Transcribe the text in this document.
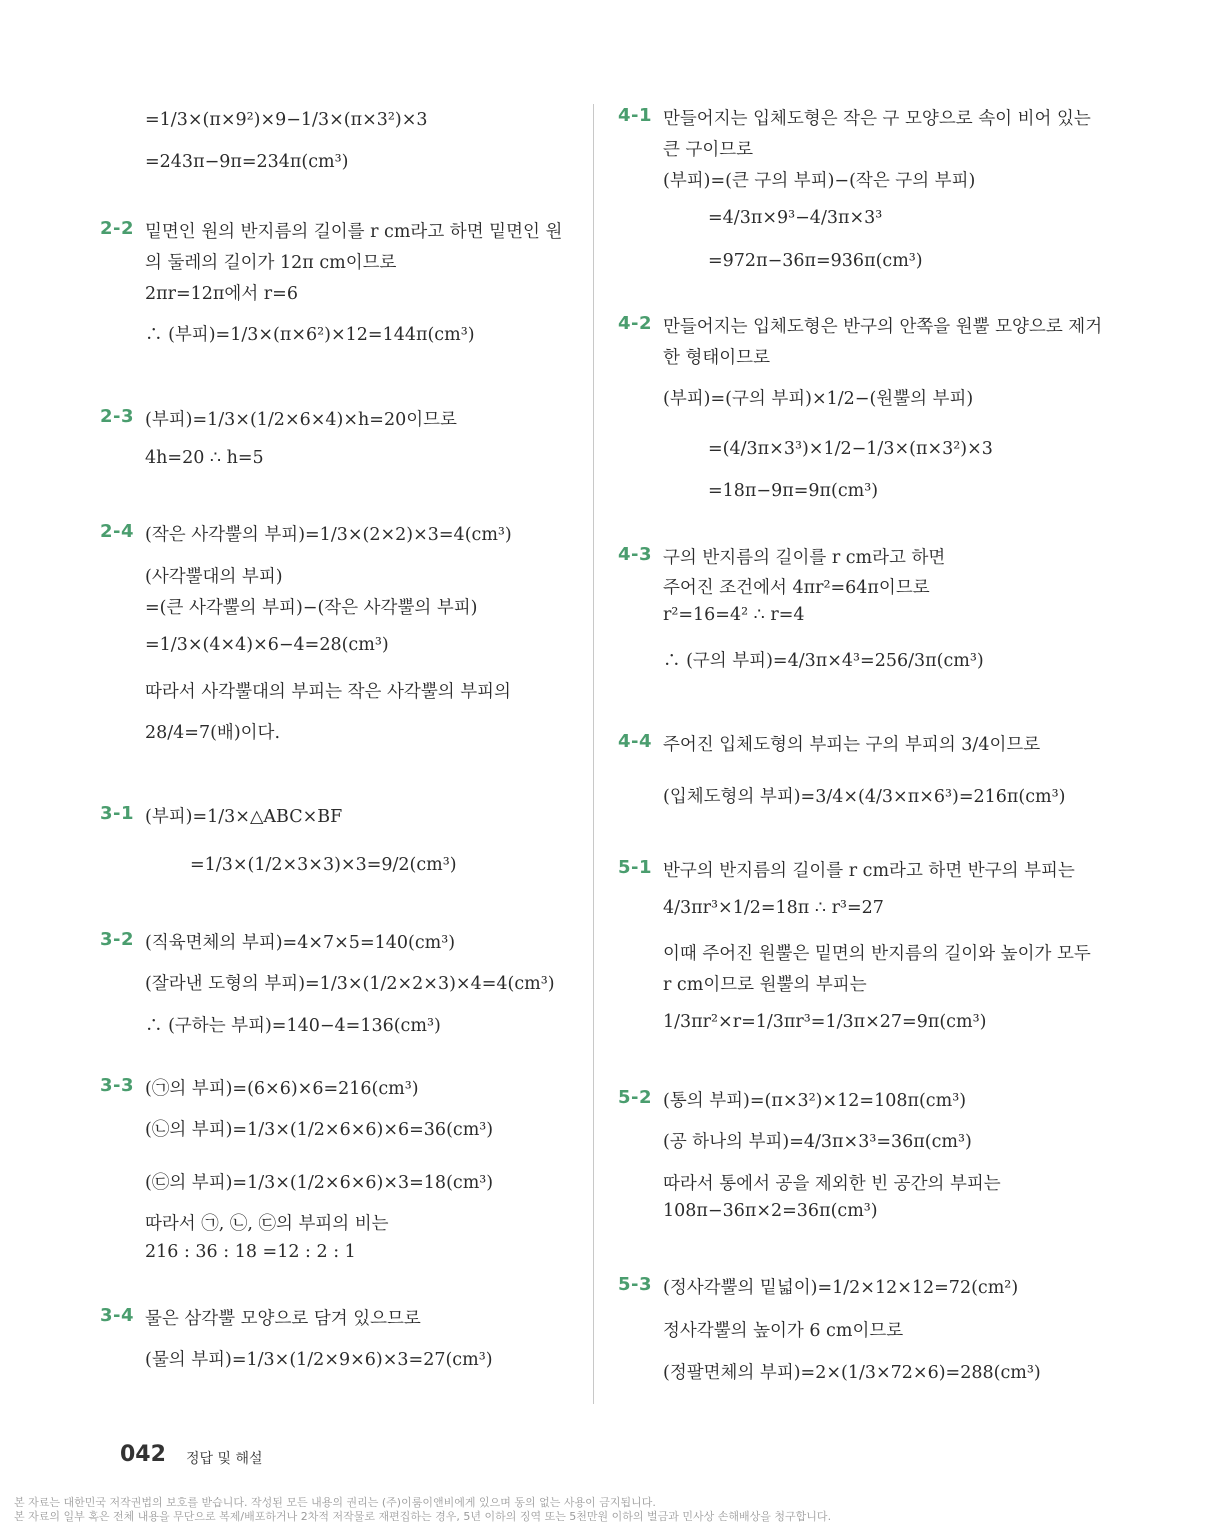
=1/3×(π×9²)×9−1/3×(π×3²)×3
=243π−9π=234π(cm³)
2-2 밑면인 원의 반지름의 길이를 r cm라고 하면 밑면인 원
의 둘레의 길이가 12π cm이므로
2πr=12π에서 r=6
∴ (부피)=1/3×(π×6²)×12=144π(cm³)
2-3 (부피)=1/3×(1/2×6×4)×h=20이므로
4h=20 ∴ h=5
2-4 (작은 사각뿔의 부피)=1/3×(2×2)×3=4(cm³)
(사각뿔대의 부피)
=(큰 사각뿔의 부피)−(작은 사각뿔의 부피)
=1/3×(4×4)×6−4=28(cm³)
따라서 사각뿔대의 부피는 작은 사각뿔의 부피의
28/4=7(배)이다.
3-1 (부피)=1/3×△ABC×BF
=1/3×(1/2×3×3)×3=9/2(cm³)
3-2 (직육면체의 부피)=4×7×5=140(cm³)
(잘라낸 도형의 부피)=1/3×(1/2×2×3)×4=4(cm³)
∴ (구하는 부피)=140−4=136(cm³)
3-3 (㉠의 부피)=(6×6)×6=216(cm³)
(㉡의 부피)=1/3×(1/2×6×6)×6=36(cm³)
(㉢의 부피)=1/3×(1/2×6×6)×3=18(cm³)
따라서 ㉠, ㉡, ㉢의 부피의 비는
216 : 36 : 18 =12 : 2 : 1
3-4 물은 삼각뿔 모양으로 담겨 있으므로
(물의 부피)=1/3×(1/2×9×6)×3=27(cm³)
4-1 만들어지는 입체도형은 작은 구 모양으로 속이 비어 있는
큰 구이므로
(부피)=(큰 구의 부피)−(작은 구의 부피)
=4/3π×9³−4/3π×3³
=972π−36π=936π(cm³)
4-2 만들어지는 입체도형은 반구의 안쪽을 원뿔 모양으로 제거
한 형태이므로
(부피)=(구의 부피)×1/2−(원뿔의 부피)
=(4/3π×3³)×1/2−1/3×(π×3²)×3
=18π−9π=9π(cm³)
4-3 구의 반지름의 길이를 r cm라고 하면
주어진 조건에서 4πr²=64π이므로
r²=16=4² ∴ r=4
∴ (구의 부피)=4/3π×4³=256/3π(cm³)
4-4 주어진 입체도형의 부피는 구의 부피의 3/4이므로
(입체도형의 부피)=3/4×(4/3×π×6³)=216π(cm³)
5-1 반구의 반지름의 길이를 r cm라고 하면 반구의 부피는
4/3πr³×1/2=18π ∴ r³=27
이때 주어진 원뿔은 밑면의 반지름의 길이와 높이가 모두
r cm이므로 원뿔의 부피는
1/3πr²×r=1/3πr³=1/3π×27=9π(cm³)
5-2 (통의 부피)=(π×3²)×12=108π(cm³)
(공 하나의 부피)=4/3π×3³=36π(cm³)
따라서 통에서 공을 제외한 빈 공간의 부피는
108π−36π×2=36π(cm³)
5-3 (정사각뿔의 밑넓이)=1/2×12×12=72(cm²)
정사각뿔의 높이가 6 cm이므로
(정팔면체의 부피)=2×(1/3×72×6)=288(cm³)
042 정답 및 해설
본 자료는 대한민국 저작권법의 보호를 받습니다. 작성된 모든 내용의 권리는 (주)이룸이앤비에게 있으며 동의 없는 사용이 금지됩니다.
본 자료의 일부 혹은 전체 내용을 무단으로 복제/배포하거나 2차적 저작물로 재편집하는 경우, 5년 이하의 징역 또는 5천만원 이하의 벌금과 민사상 손해배상을 청구합니다.
